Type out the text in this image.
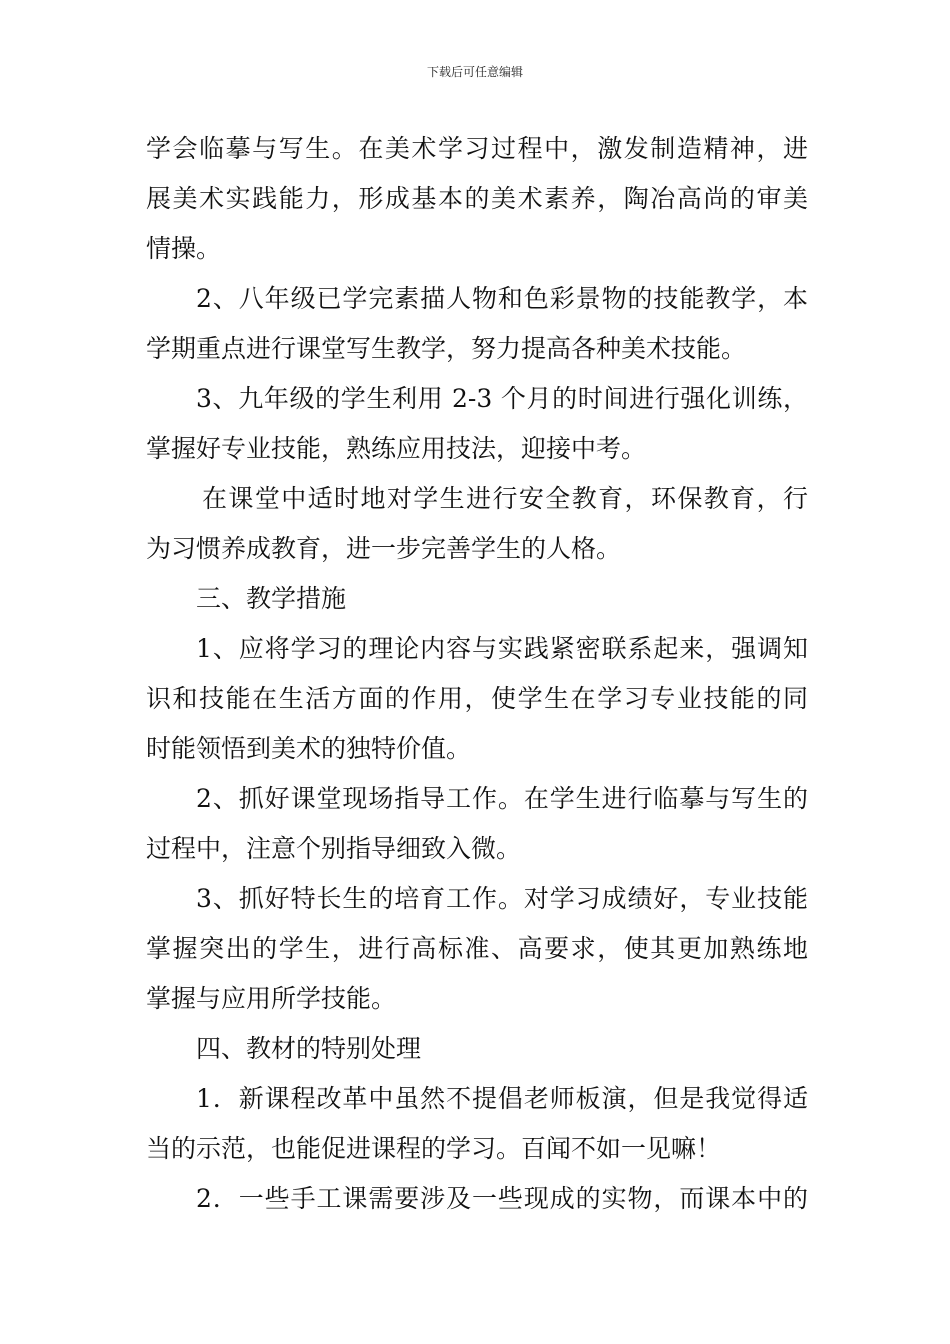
下载后可任意编辑
学会临摹与写生。在美术学习过程中，激发制造精神，进
展美术实践能力，形成基本的美术素养，陶冶高尚的审美
情操。
2、八年级已学完素描人物和色彩景物的技能教学，本
学期重点进行课堂写生教学，努力提高各种美术技能。
3、九年级的学生利用 2-3 个月的时间进行强化训练，
掌握好专业技能，熟练应用技法，迎接中考。
在课堂中适时地对学生进行安全教育，环保教育，行
为习惯养成教育，进一步完善学生的人格。
三、教学措施
1、应将学习的理论内容与实践紧密联系起来，强调知
识和技能在生活方面的作用，使学生在学习专业技能的同
时能领悟到美术的独特价值。
2、抓好课堂现场指导工作。在学生进行临摹与写生的
过程中，注意个别指导细致入微。
3、抓好特长生的培育工作。对学习成绩好，专业技能
掌握突出的学生，进行高标准、高要求，使其更加熟练地
掌握与应用所学技能。
四、教材的特别处理
1．新课程改革中虽然不提倡老师板演，但是我觉得适
当的示范，也能促进课程的学习。百闻不如一见嘛！
2．一些手工课需要涉及一些现成的实物，而课本中的
